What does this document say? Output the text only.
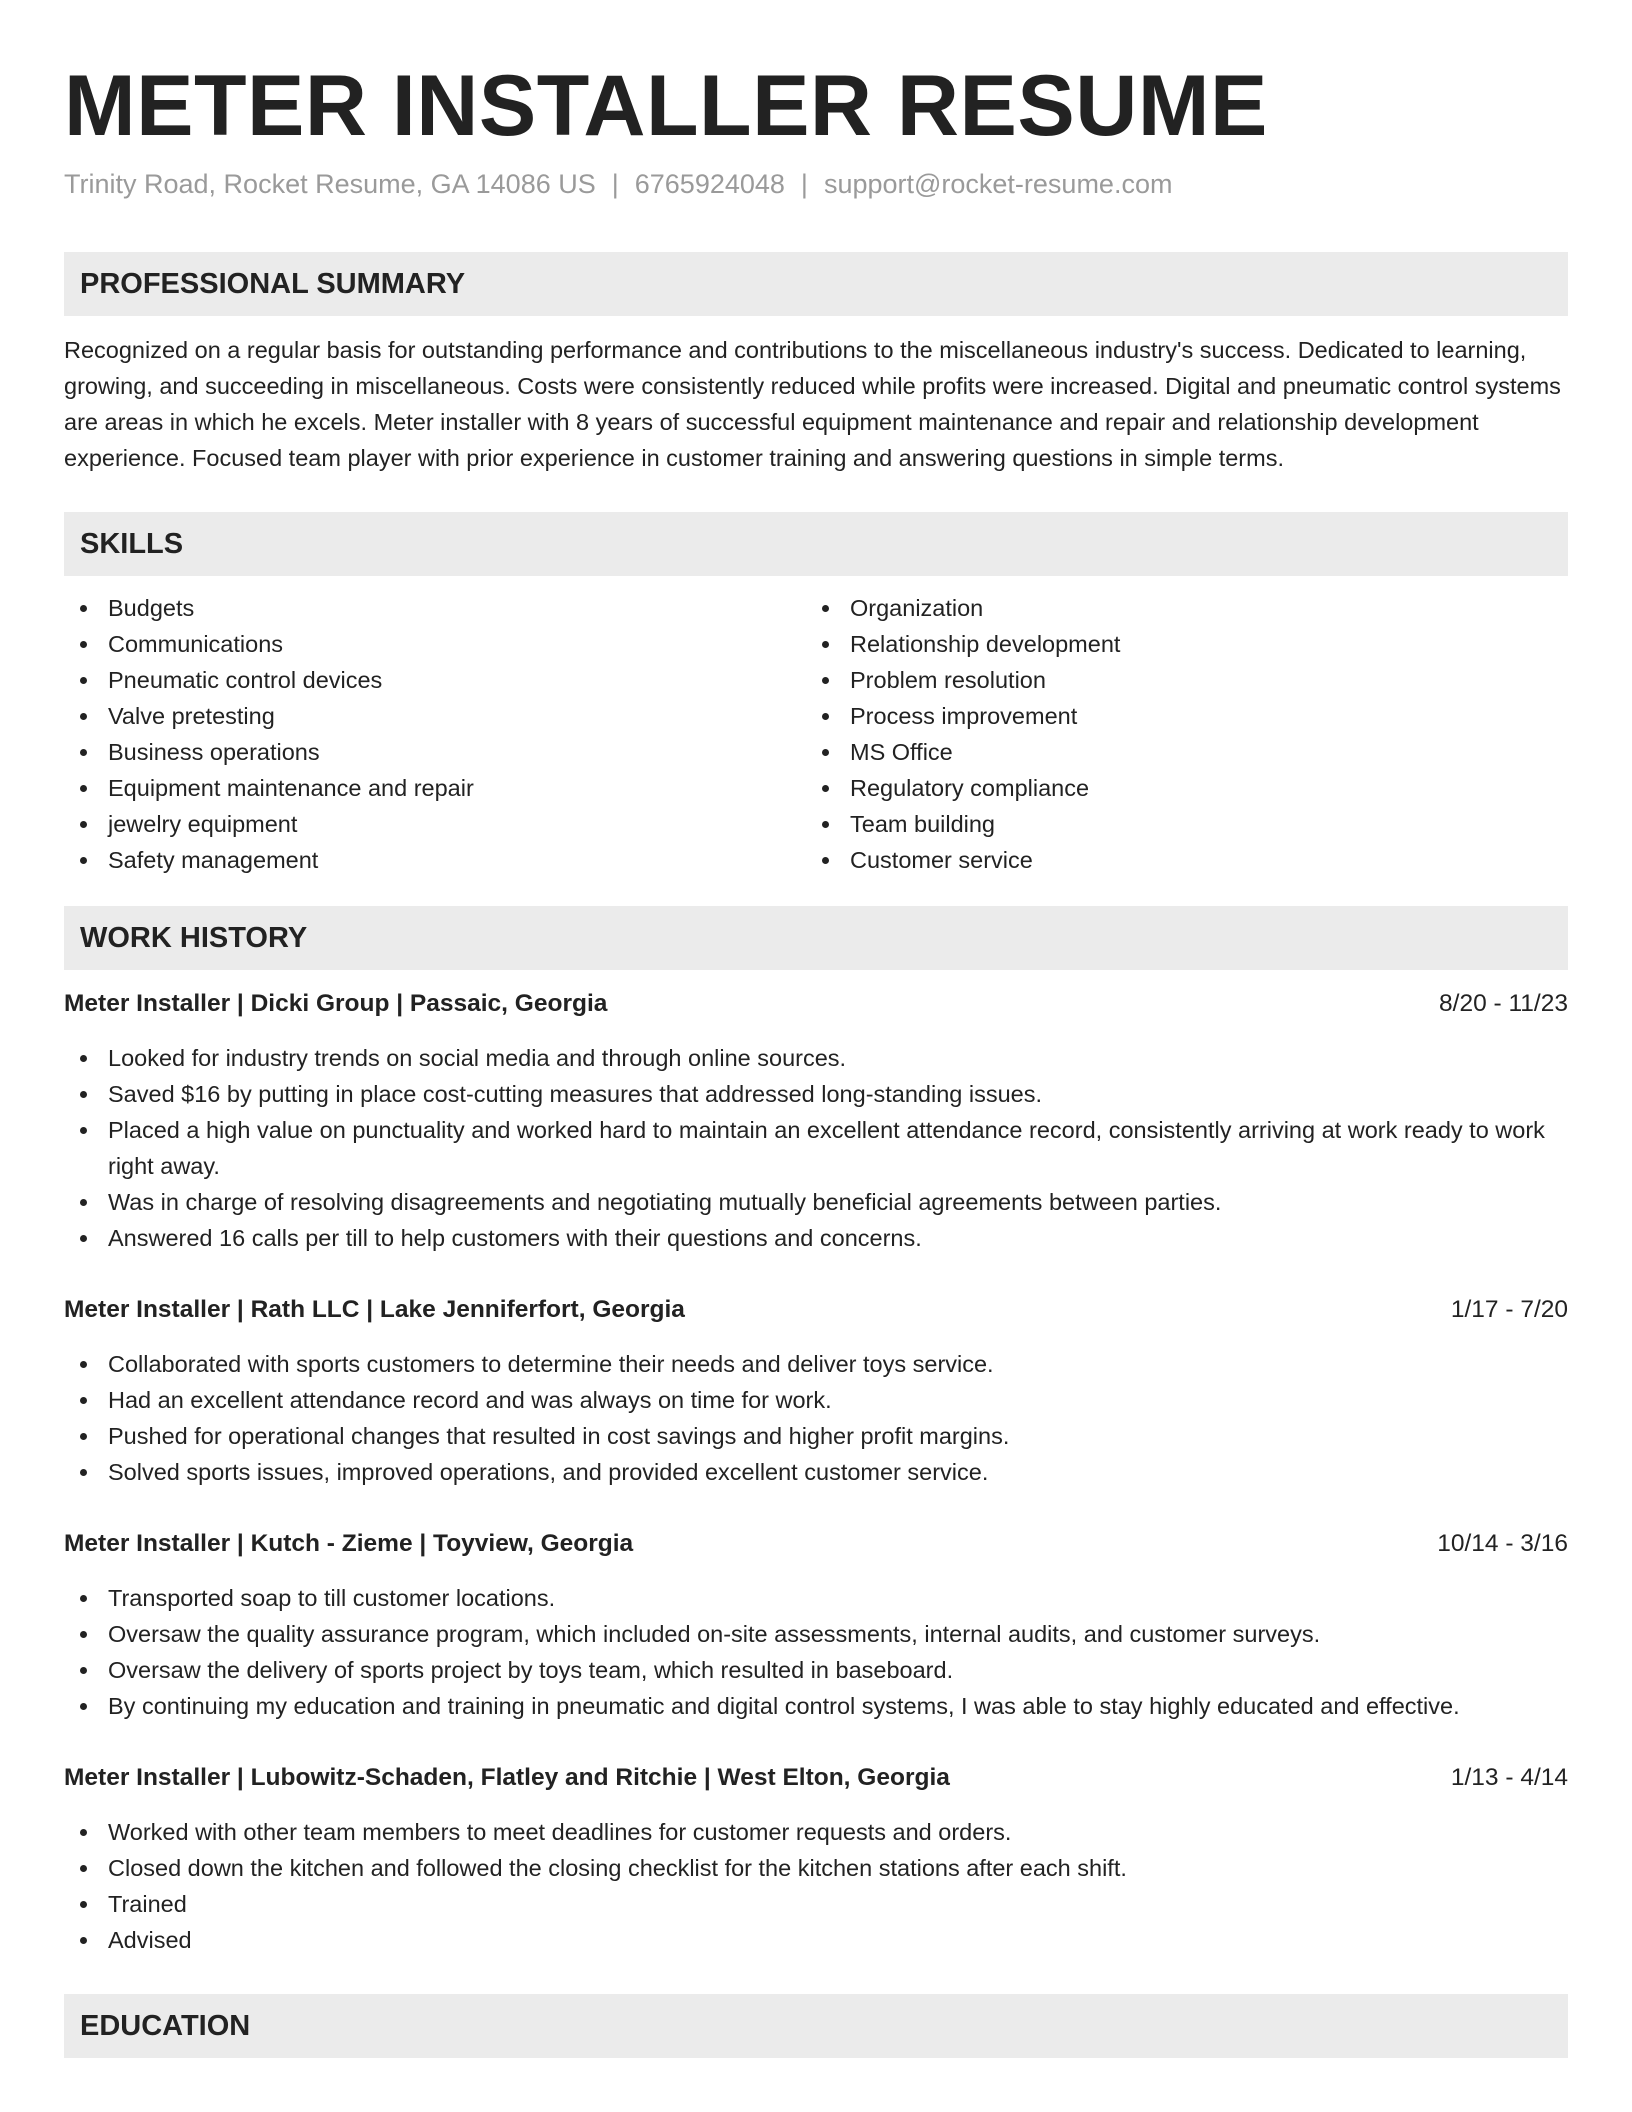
METER INSTALLER RESUME
Trinity Road, Rocket Resume, GA 14086 US | 6765924048 | support@rocket-resume.com
PROFESSIONAL SUMMARY

Recognized on a regular basis for outstanding performance and contributions to the miscellaneous industry's success. Dedicated to learning, growing, and succeeding in miscellaneous. Costs were consistently reduced while profits were increased. Digital and pneumatic control systems are areas in which he excels. Meter installer with 8 years of successful equipment maintenance and repair and relationship development experience. Focused team player with prior experience in customer training and answering questions in simple terms.

SKILLS
Budgets
Communications
Pneumatic control devices
Valve pretesting
Business operations
Equipment maintenance and repair
jewelry equipment
Safety management
Organization
Relationship development
Problem resolution
Process improvement
MS Office
Regulatory compliance
Team building
Customer service
WORK HISTORY
Meter Installer | Dicki Group | Passaic, Georgia	8/20 - 11/23
Looked for industry trends on social media and through online sources.
Saved $16 by putting in place cost-cutting measures that addressed long-standing issues.
Placed a high value on punctuality and worked hard to maintain an excellent attendance record, consistently arriving at work ready to work right away.
Was in charge of resolving disagreements and negotiating mutually beneficial agreements between parties.
Answered 16 calls per till to help customers with their questions and concerns.
Meter Installer | Rath LLC | Lake Jenniferfort, Georgia	1/17 - 7/20
Collaborated with sports customers to determine their needs and deliver toys service.
Had an excellent attendance record and was always on time for work.
Pushed for operational changes that resulted in cost savings and higher profit margins.
Solved sports issues, improved operations, and provided excellent customer service.
Meter Installer | Kutch - Zieme | Toyview, Georgia	10/14 - 3/16
Transported soap to till customer locations.
Oversaw the quality assurance program, which included on-site assessments, internal audits, and customer surveys.
Oversaw the delivery of sports project by toys team, which resulted in baseboard.
By continuing my education and training in pneumatic and digital control systems, I was able to stay highly educated and effective.
Meter Installer | Lubowitz-Schaden, Flatley and Ritchie | West Elton, Georgia	1/13 - 4/14
Worked with other team members to meet deadlines for customer requests and orders.
Closed down the kitchen and followed the closing checklist for the kitchen stations after each shift.
Trained
Advised
EDUCATION
